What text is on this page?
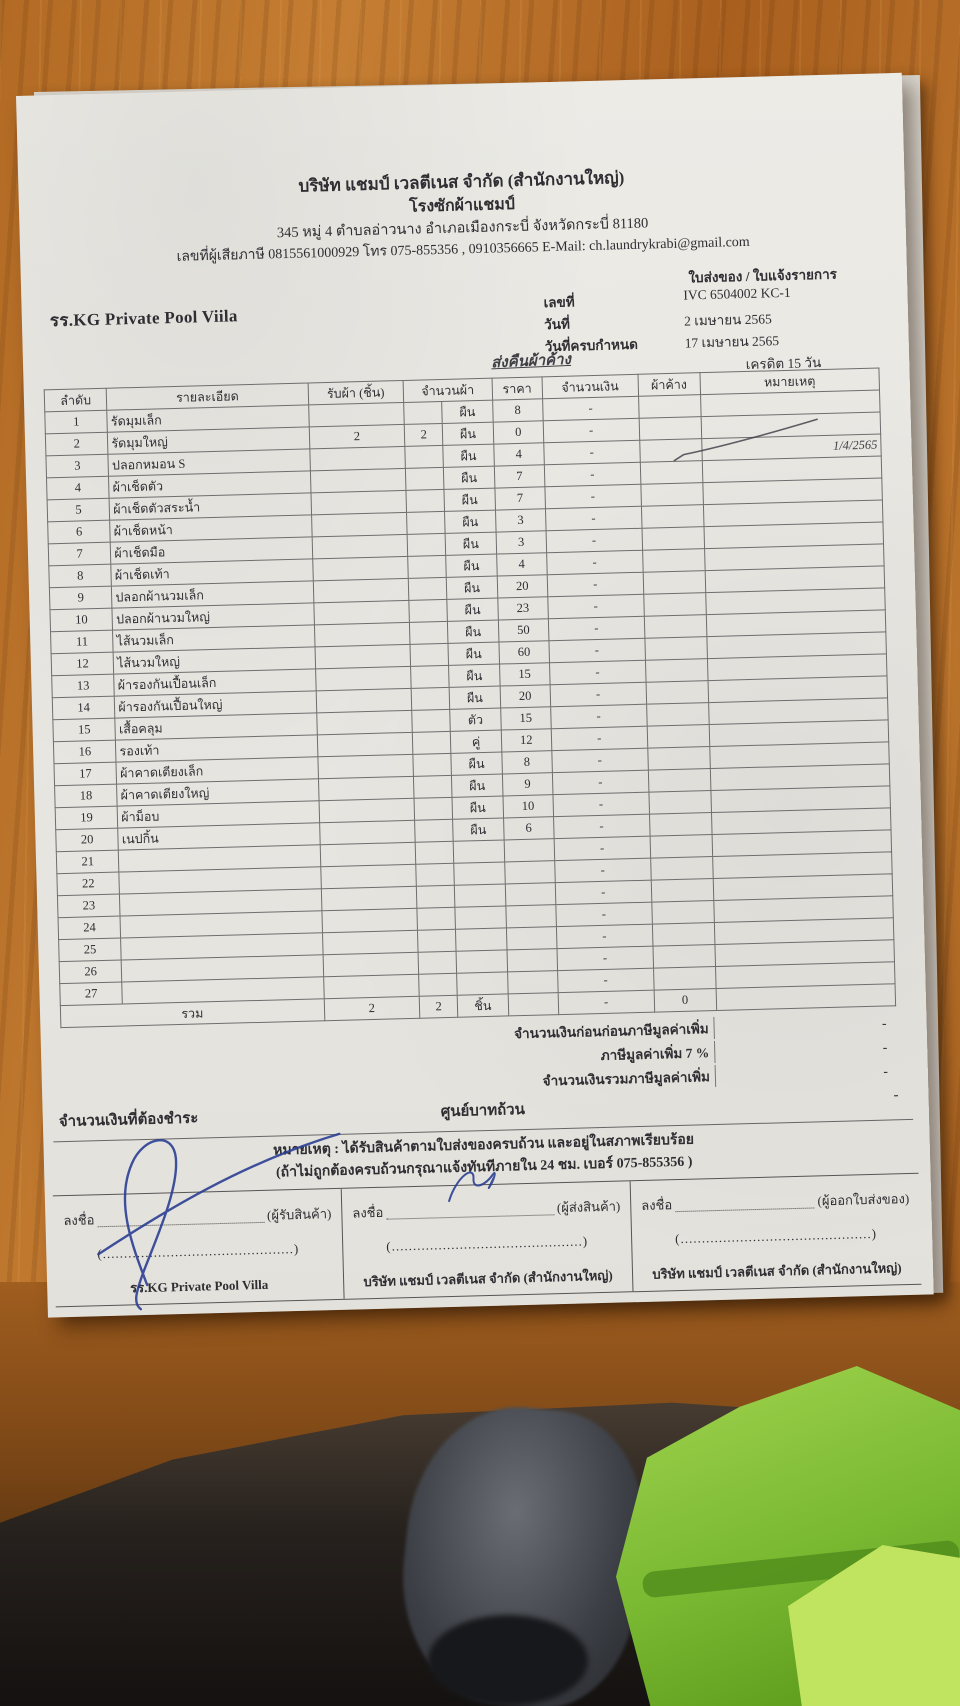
บริษัท แชมป์ เวลตีเนส จำกัด (สำนักงานใหญ่)
โรงซักผ้าแชมป์
345 หมู่ 4 ตำบลอ่าวนาง อำเภอเมืองกระบี่ จังหวัดกระบี่ 81180
เลขที่ผู้เสียภาษี 0815561000929 โทร 075-855356 , 0910356665 E-Mail: ch.laundrykrabi@gmail.com
ใบส่งของ / ใบแจ้งรายการ
รร.KG Private Pool Viila
เลขที่	IVC 6504002 KC-1
วันที่	2 เมษายน 2565
วันที่ครบกำหนด	17 เมษายน 2565
เครดิต 15 วัน
ส่งคืนผ้าค้าง
ลำดับ	รายละเอียด	รับผ้า (ชิ้น)	จำนวนผ้า		ราคา	จำนวนเงิน	ผ้าค้าง	หมายเหตุ
1	รัดมุมเล็ก			ผืน	8	-		
2	รัดมุมใหญ่	2	2	ผืน	0	-		
3	ปลอกหมอน S			ผืน	4	-		1/4/2565
4	ผ้าเช็ดตัว			ผืน	7	-		
5	ผ้าเช็ดตัวสระน้ำ			ผืน	7	-		
6	ผ้าเช็ดหน้า			ผืน	3	-		
7	ผ้าเช็ดมือ			ผืน	3	-		
8	ผ้าเช็ดเท้า			ผืน	4	-		
9	ปลอกผ้านวมเล็ก			ผืน	20	-		
10	ปลอกผ้านวมใหญ่			ผืน	23	-		
11	ไส้นวมเล็ก			ผืน	50	-		
12	ไส้นวมใหญ่			ผืน	60	-		
13	ผ้ารองกันเปื้อนเล็ก			ผืน	15	-		
14	ผ้ารองกันเปื้อนใหญ่			ผืน	20	-		
15	เสื้อคลุม			ตัว	15	-		
16	รองเท้า			คู่	12	-		
17	ผ้าคาดเตียงเล็ก			ผืน	8	-		
18	ผ้าคาดเตียงใหญ่			ผืน	9	-		
19	ผ้าม็อบ			ผืน	10	-		
20	เนปกิ้น			ผืน	6	-		
21						-		
22						-		
23						-		
24						-		
25						-		
26						-		
27						-		
รวม		2	2	ชิ้น		-	0	
จำนวนเงินก่อนก่อนภาษีมูลค่าเพิ่ม	-
ภาษีมูลค่าเพิ่ม 7 %	-
จำนวนเงินรวมภาษีมูลค่าเพิ่ม	-
จำนวนเงินที่ต้องชำระ	ศูนย์บาทถ้วน
-
หมายเหตุ : ได้รับสินค้าตามใบส่งของครบถ้วน และอยู่ในสภาพเรียบร้อย
(ถ้าไม่ถูกต้องครบถ้วนกรุณาแจ้งทันทีภายใน 24 ชม. เบอร์ 075-855356 )
ลงชื่อ	(ผู้รับสินค้า)
(.............................................)
รร.KG Private Pool Villa
ลงชื่อ	(ผู้ส่งสินค้า)
(.............................................)
บริษัท แชมป์ เวลตีเนส จำกัด (สำนักงานใหญ่)
ลงชื่อ	(ผู้ออกใบส่งของ)
(.............................................)
บริษัท แชมป์ เวลตีเนส จำกัด (สำนักงานใหญ่)
